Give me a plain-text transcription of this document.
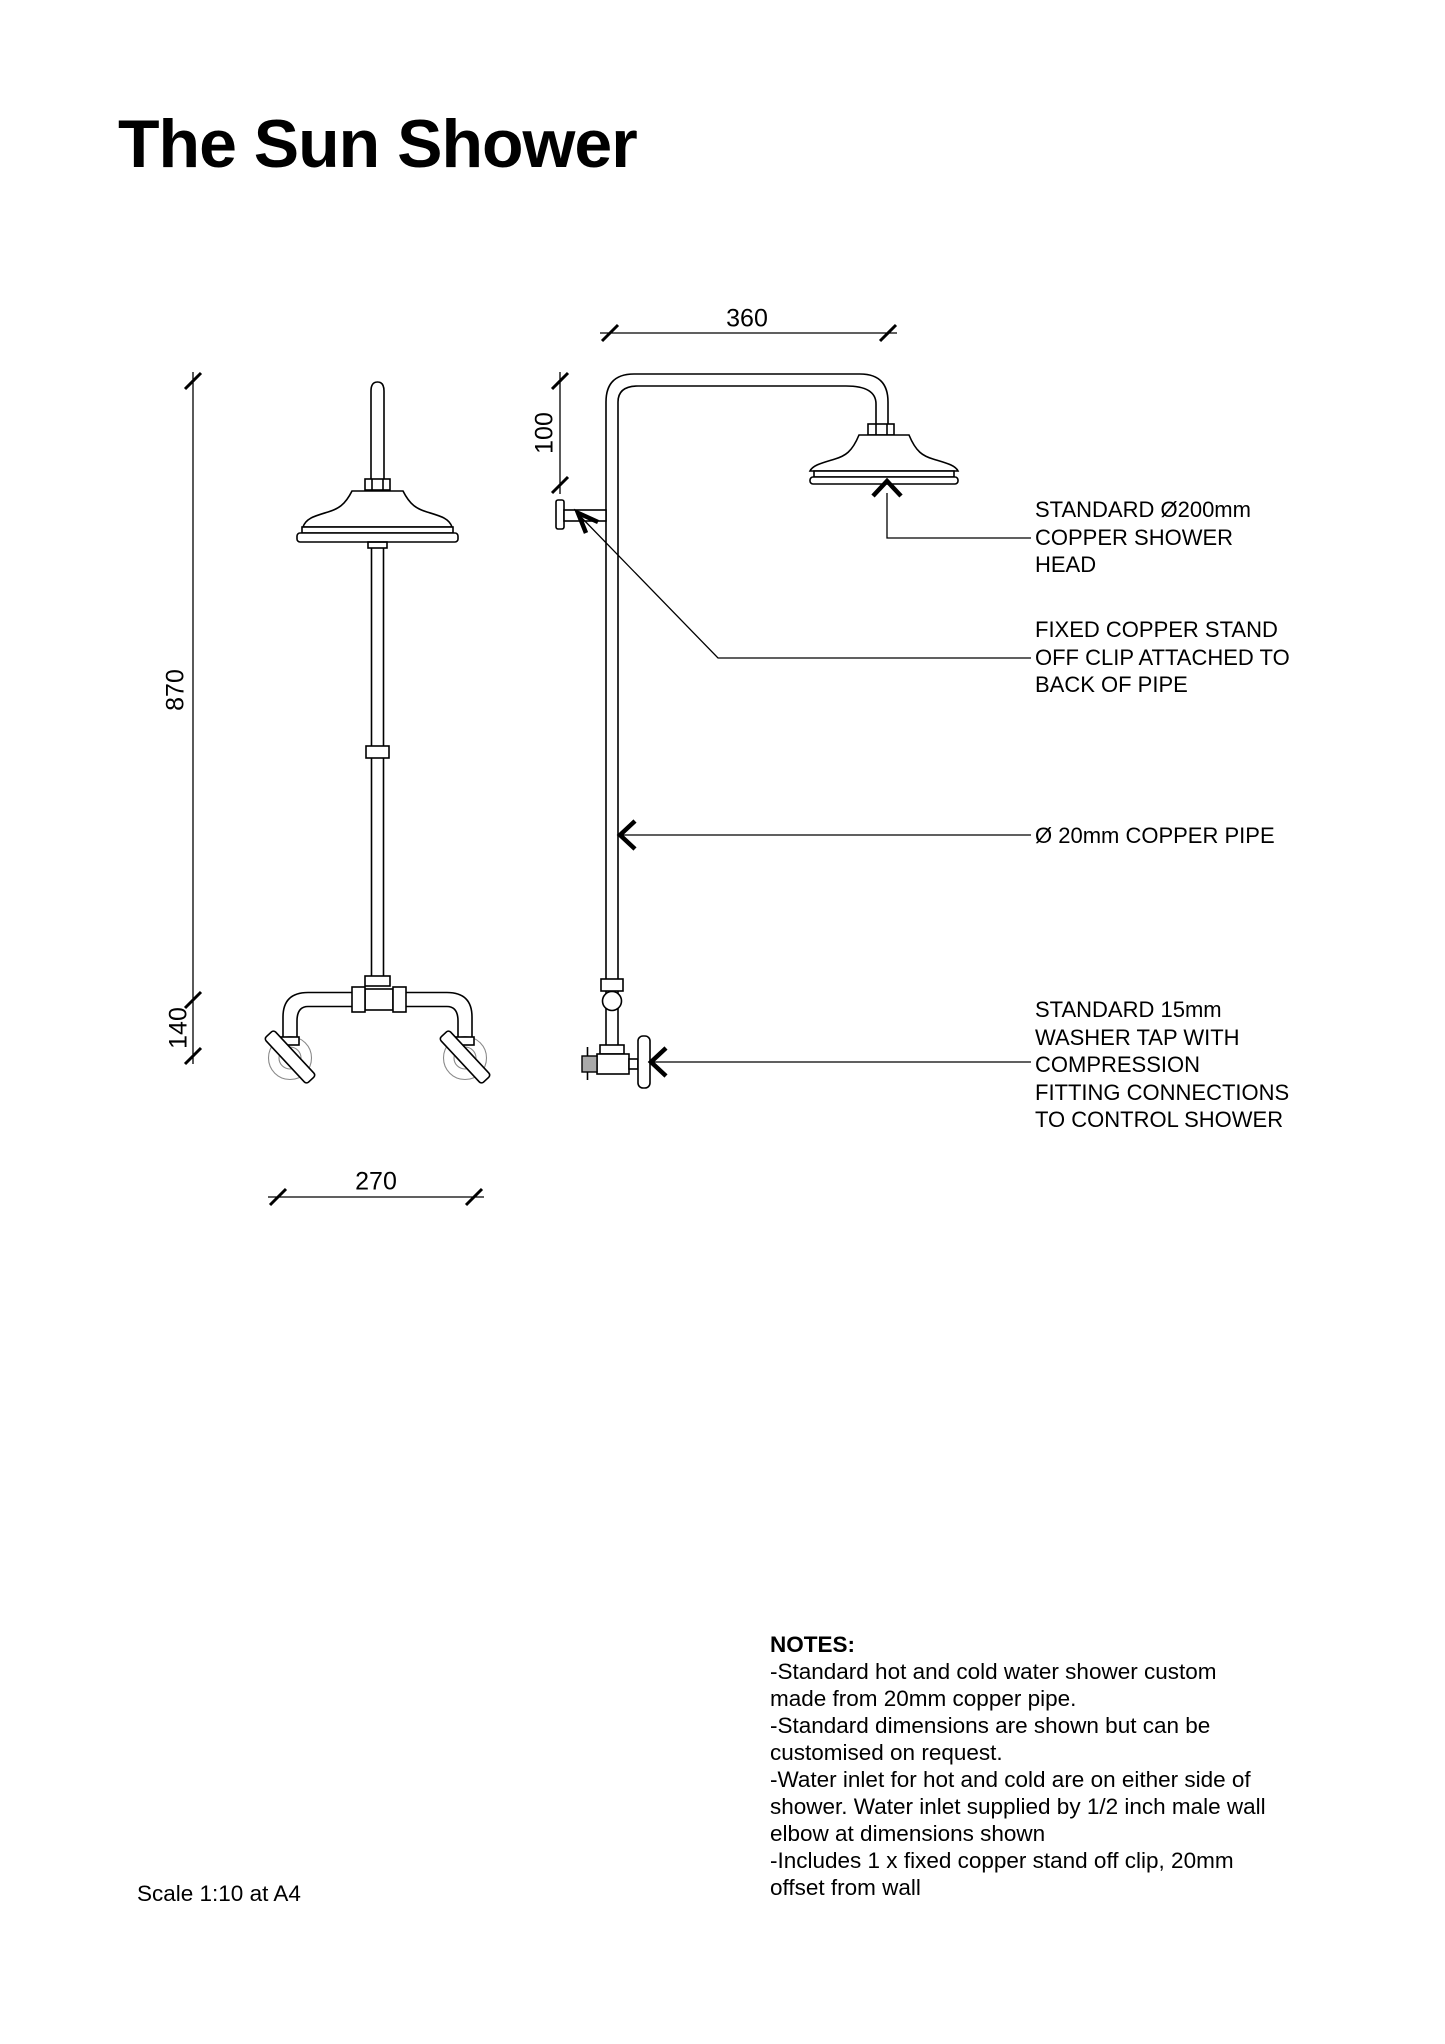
The Sun Shower
360
100
870
140
270
STANDARD Ø200mm
COPPER SHOWER
HEAD
FIXED COPPER STAND
OFF CLIP ATTACHED TO
BACK OF PIPE
Ø 20mm COPPER PIPE
STANDARD 15mm
WASHER TAP WITH
COMPRESSION
FITTING CONNECTIONS
TO CONTROL SHOWER
NOTES:
-Standard hot and cold water shower custom
made from 20mm copper pipe.
-Standard dimensions are shown but can be
customised on request.
-Water inlet for hot and cold are on either side of
shower. Water inlet supplied by 1/2 inch male wall
elbow at dimensions shown
-Includes 1 x fixed copper stand off clip, 20mm
offset from wall
Scale 1:10 at A4
